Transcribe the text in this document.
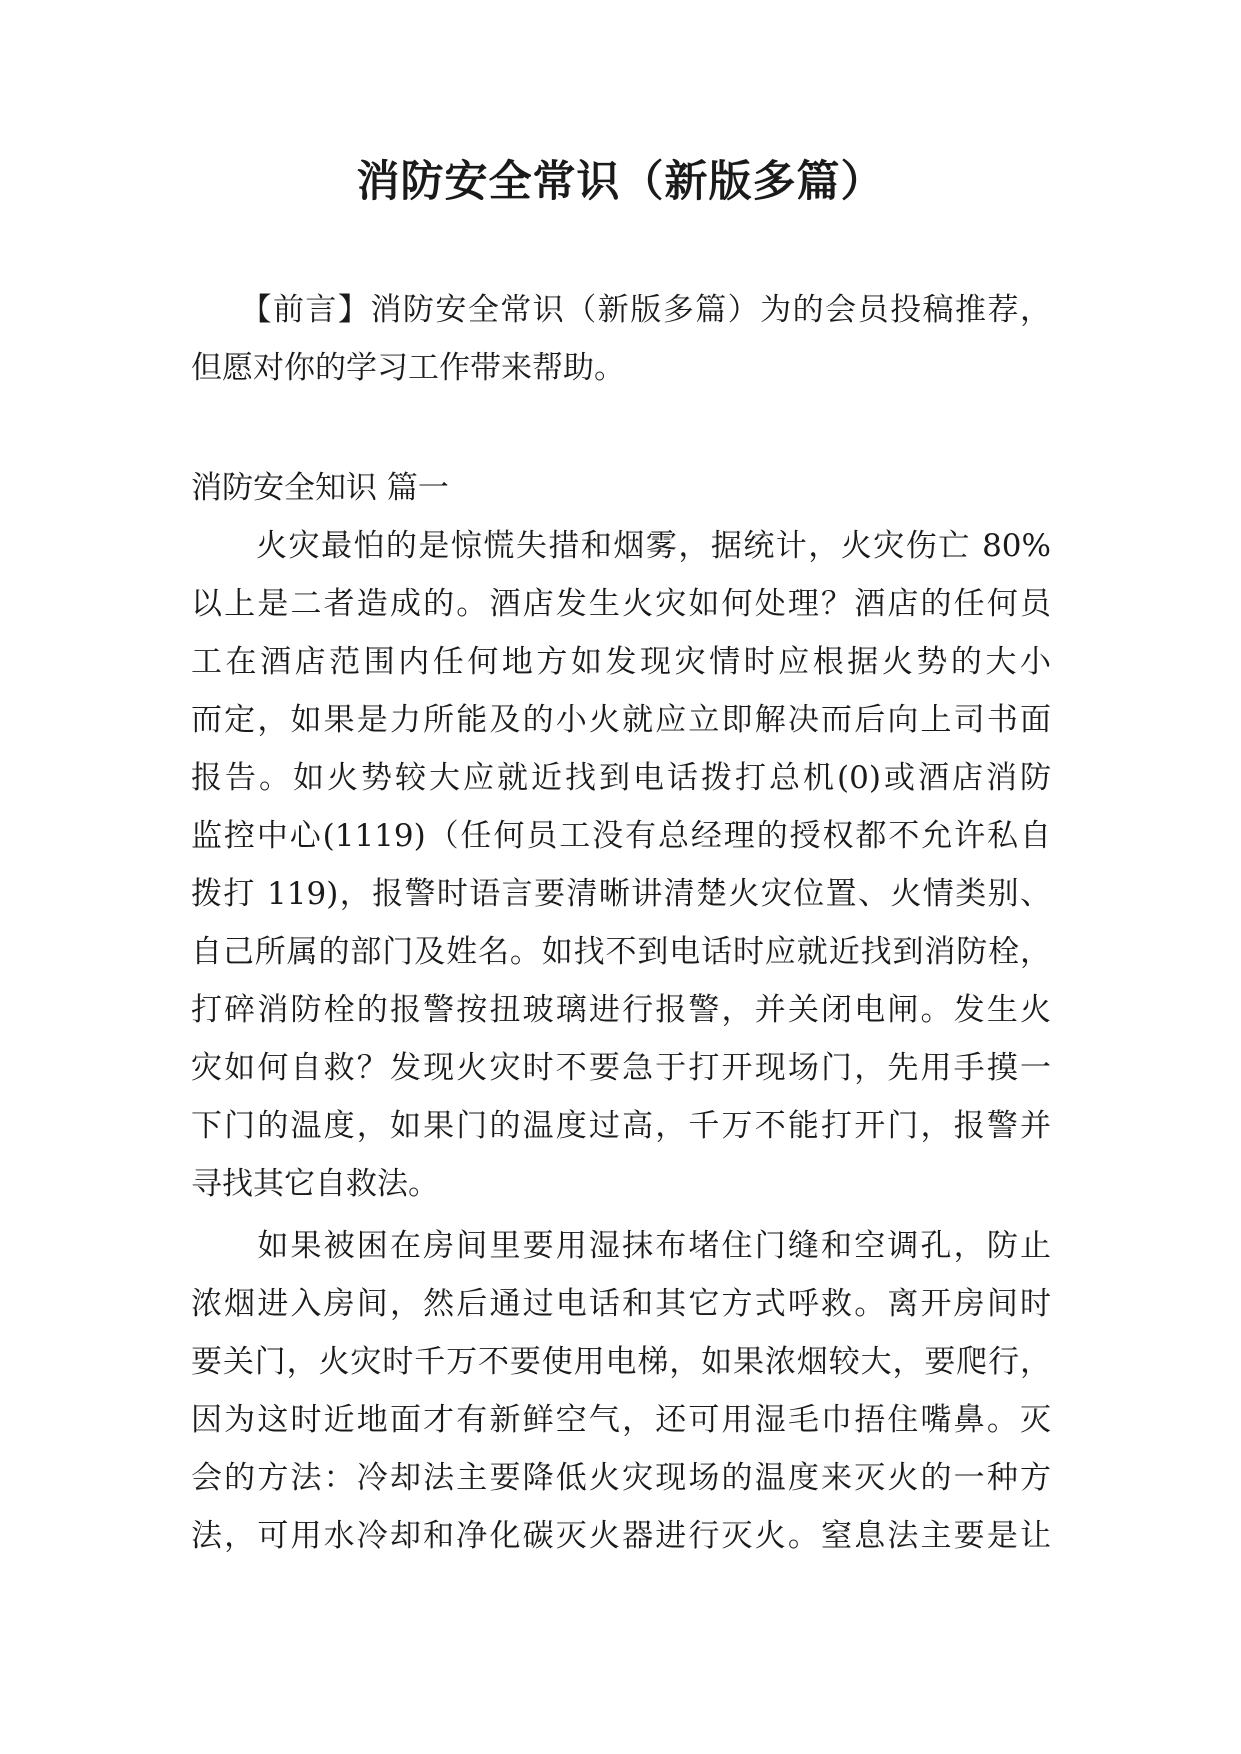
消防安全常识（新版多篇）

　　【前言】消防安全常识（新版多篇）为的会员投稿推荐，

但愿对你的学习工作带来帮助。

消防安全知识 篇一

　　火灾最怕的是惊慌失措和烟雾，据统计，火灾伤亡 80%

以上是二者造成的。酒店发生火灾如何处理？酒店的任何员

工在酒店范围内任何地方如发现灾情时应根据火势的大小

而定，如果是力所能及的小火就应立即解决而后向上司书面

报告。如火势较大应就近找到电话拨打总机(0)或酒店消防

监控中心(1119)（任何员工没有总经理的授权都不允许私自

拨打 119)，报警时语言要清晰讲清楚火灾位置、火情类别、

自己所属的部门及姓名。如找不到电话时应就近找到消防栓，

打碎消防栓的报警按扭玻璃进行报警，并关闭电闸。发生火

灾如何自救？发现火灾时不要急于打开现场门，先用手摸一

下门的温度，如果门的温度过高，千万不能打开门，报警并

寻找其它自救法。

　　如果被困在房间里要用湿抹布堵住门缝和空调孔，防止

浓烟进入房间，然后通过电话和其它方式呼救。离开房间时

要关门，火灾时千万不要使用电梯，如果浓烟较大，要爬行，

因为这时近地面才有新鲜空气，还可用湿毛巾捂住嘴鼻。灭

会的方法：冷却法主要降低火灾现场的温度来灭火的一种方

法，可用水冷却和净化碳灭火器进行灭火。窒息法主要是让
